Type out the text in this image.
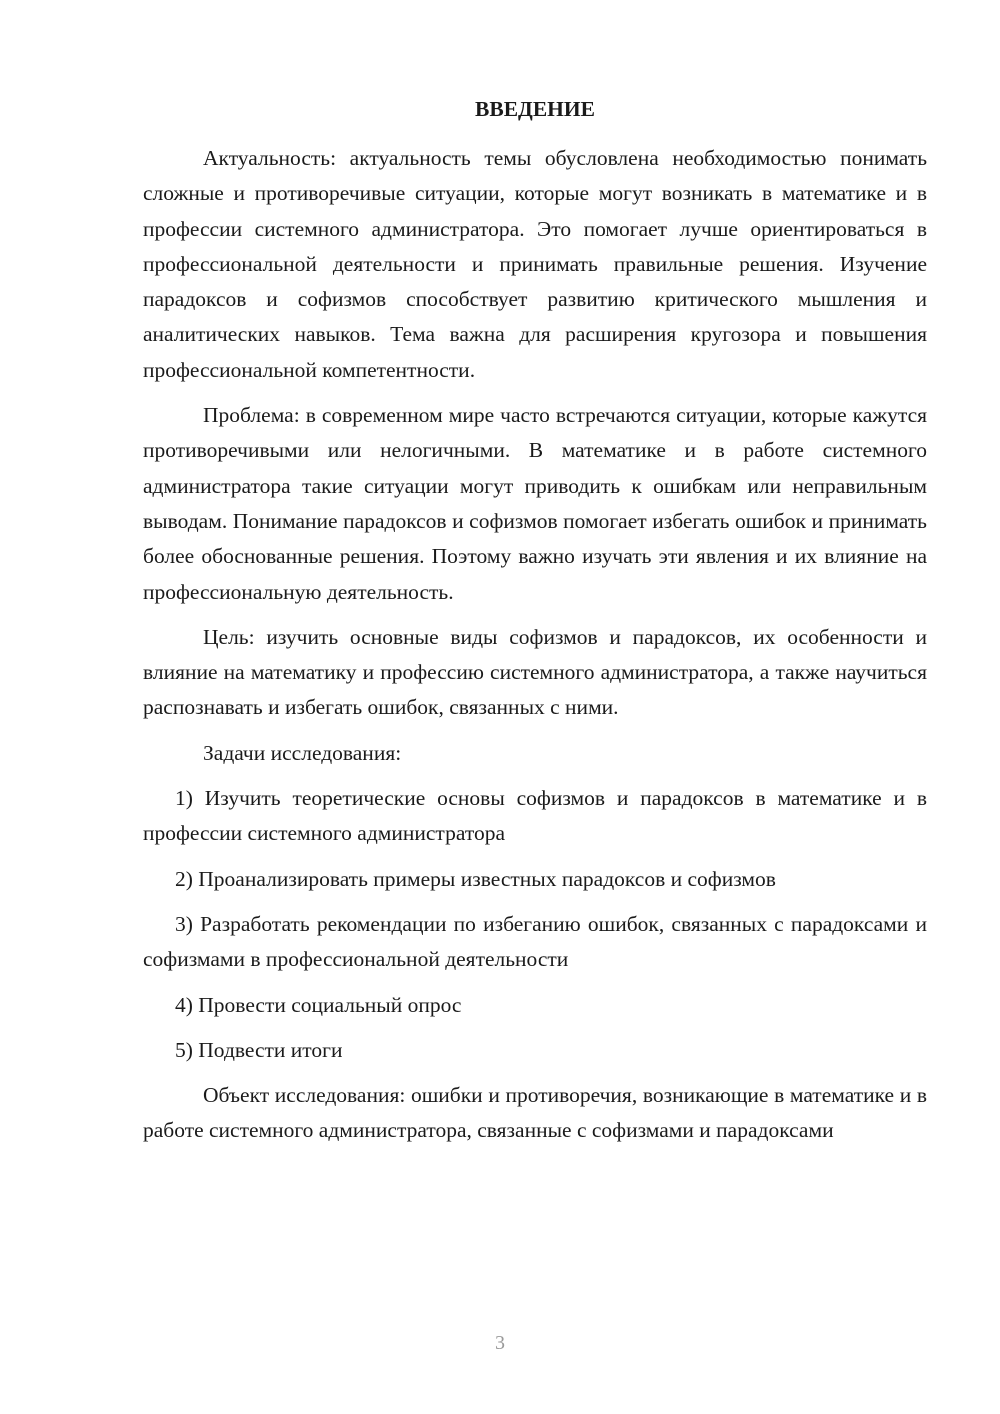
ВВЕДЕНИЕ

Актуальность: актуальность темы обусловлена необходимостью понимать сложные и противоречивые ситуации, которые могут возникать в математике и в профессии системного администратора. Это помогает лучше ориентироваться в профессиональной деятельности и принимать правильные решения. Изучение парадоксов и софизмов способствует развитию критического мышления и аналитических навыков. Тема важна для расширения кругозора и повышения профессиональной компетентности.

Проблема: в современном мире часто встречаются ситуации, которые кажутся противоречивыми или нелогичными. В математике и в работе системного администратора такие ситуации могут приводить к ошибкам или неправильным выводам. Понимание парадоксов и софизмов помогает избегать ошибок и принимать более обоснованные решения. Поэтому важно изучать эти явления и их влияние на профессиональную деятельность.

Цель: изучить основные виды софизмов и парадоксов, их особенности и влияние на математику и профессию системного администратора, а также научиться распознавать и избегать ошибок, связанных с ними.

Задачи исследования:

1) Изучить теоретические основы софизмов и парадоксов в математике и в профессии системного администратора

2) Проанализировать примеры известных парадоксов и софизмов

3) Разработать рекомендации по избеганию ошибок, связанных с парадоксами и софизмами в профессиональной деятельности

4) Провести социальный опрос

5) Подвести итоги

Объект исследования: ошибки и противоречия, возникающие в математике и в работе системного администратора, связанные с софизмами и парадоксами

3
